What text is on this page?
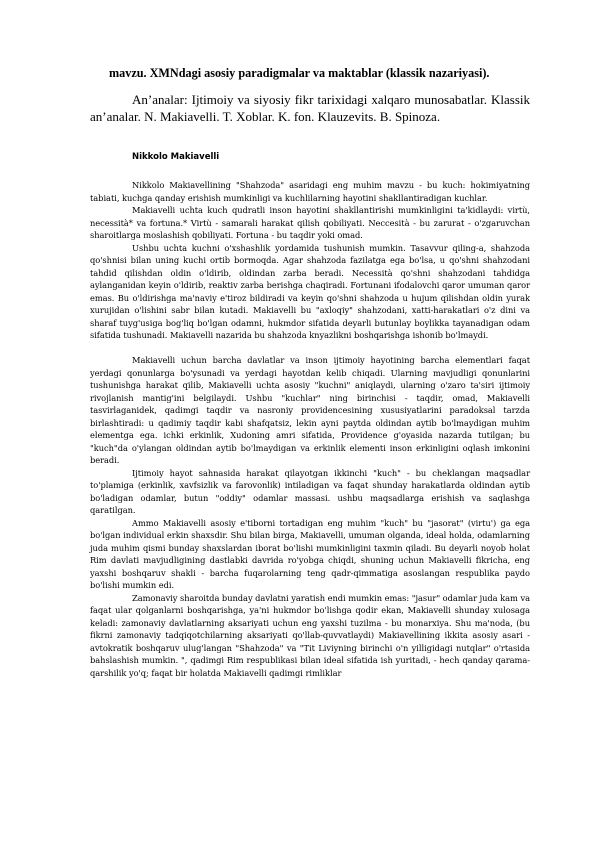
mavzu. XMNdagi asosiy paradigmalar va maktablar (klassik nazariyasi).
An’analar: Ijtimoiy va siyosiy fikr tarixidagi xalqaro munosabatlar. Klassik an’analar. N. Makiavelli. T. Xoblar. K. fon. Klauzevits. B. Spinoza.
Nikkolo Makiavelli

Nikkolo Makiavellining "Shahzoda" asaridagi eng muhim mavzu - bu kuch: hokimiyatning tabiati, kuchga qanday erishish mumkinligi va kuchlilarning hayotini shakllantiradigan kuchlar.

Makiavelli uchta kuch qudratli inson hayotini shakllantirishi mumkinligini ta'kidlaydi: virtù, necessità* va fortuna.* Virtù - samarali harakat qilish qobiliyati. Neccesità - bu zarurat - o'zgaruvchan sharoitlarga moslashish qobiliyati. Fortuna - bu taqdir yoki omad.

Ushbu uchta kuchni o'xshashlik yordamida tushunish mumkin. Tasavvur qiling-a, shahzoda qo'shnisi bilan uning kuchi ortib bormoqda. Agar shahzoda fazilatga ega bo'lsa, u qo'shni shahzodani tahdid qilishdan oldin o'ldirib, oldindan zarba beradi. Necessità qo'shni shahzodani tahdidga aylanganidan keyin o'ldirib, reaktiv zarba berishga chaqiradi. Fortunani ifodalovchi qaror umuman qaror emas. Bu o'ldirishga ma'naviy e'tiroz bildiradi va keyin qo'shni shahzoda u hujum qilishdan oldin yurak xurujidan o'lishini sabr bilan kutadi. Makiavelli bu "axloqiy" shahzodani, xatti-harakatlari o'z dini va sharaf tuyg'usiga bog'liq bo'lgan odamni, hukmdor sifatida deyarli butunlay boylikka tayanadigan odam sifatida tushunadi. Makiavelli nazarida bu shahzoda knyazlikni boshqarishga ishonib bo'lmaydi.

Makiavelli uchun barcha davlatlar va inson ijtimoiy hayotining barcha elementlari faqat yerdagi qonunlarga bo'ysunadi va yerdagi hayotdan kelib chiqadi. Ularning mavjudligi qonunlarini tushunishga harakat qilib, Makiavelli uchta asosiy "kuchni" aniqlaydi, ularning o'zaro ta'siri ijtimoiy rivojlanish mantig'ini belgilaydi. Ushbu "kuchlar" ning birinchisi - taqdir, omad, Makiavelli tasvirlaganidek, qadimgi taqdir va nasroniy providencesining xususiyatlarini paradoksal tarzda birlashtiradi: u qadimiy taqdir kabi shafqatsiz, lekin ayni paytda oldindan aytib bo'lmaydigan muhim elementga ega. ichki erkinlik, Xudoning amri sifatida, Providence g'oyasida nazarda tutilgan; bu "kuch"da o'ylangan oldindan aytib bo'lmaydigan va erkinlik elementi inson erkinligini oqlash imkonini beradi.

Ijtimoiy hayot sahnasida harakat qilayotgan ikkinchi "kuch" - bu cheklangan maqsadlar to'plamiga (erkinlik, xavfsizlik va farovonlik) intiladigan va faqat shunday harakatlarda oldindan aytib bo'ladigan odamlar, butun "oddiy" odamlar massasi. ushbu maqsadlarga erishish va saqlashga qaratilgan.

Ammo Makiavelli asosiy e'tiborni tortadigan eng muhim "kuch" bu "jasorat" (virtu') ga ega bo'lgan individual erkin shaxsdir. Shu bilan birga, Makiavelli, umuman olganda, ideal holda, odamlarning juda muhim qismi bunday shaxslardan iborat bo'lishi mumkinligini taxmin qiladi. Bu deyarli noyob holat Rim davlati mavjudligining dastlabki davrida ro'yobga chiqdi, shuning uchun Makiavelli fikricha, eng yaxshi boshqaruv shakli - barcha fuqarolarning teng qadr-qimmatiga asoslangan respublika paydo bo'lishi mumkin edi.

Zamonaviy sharoitda bunday davlatni yaratish endi mumkin emas: "jasur" odamlar juda kam va faqat ular qolganlarni boshqarishga, ya'ni hukmdor bo'lishga qodir ekan, Makiavelli shunday xulosaga keladi: zamonaviy davlatlarning aksariyati uchun eng yaxshi tuzilma - bu monarxiya. Shu ma'noda, (bu fikrni zamonaviy tadqiqotchilarning aksariyati qo'llab-quvvatlaydi) Makiavellining ikkita asosiy asari - avtokratik boshqaruv ulug'langan "Shahzoda" va "Tit Liviyning birinchi o'n yilligidagi nutqlar" o'rtasida bahslashish mumkin. ", qadimgi Rim respublikasi bilan ideal sifatida ish yuritadi, - hech qanday qarama-qarshilik yo'q; faqat bir holatda Makiavelli qadimgi rimliklar
